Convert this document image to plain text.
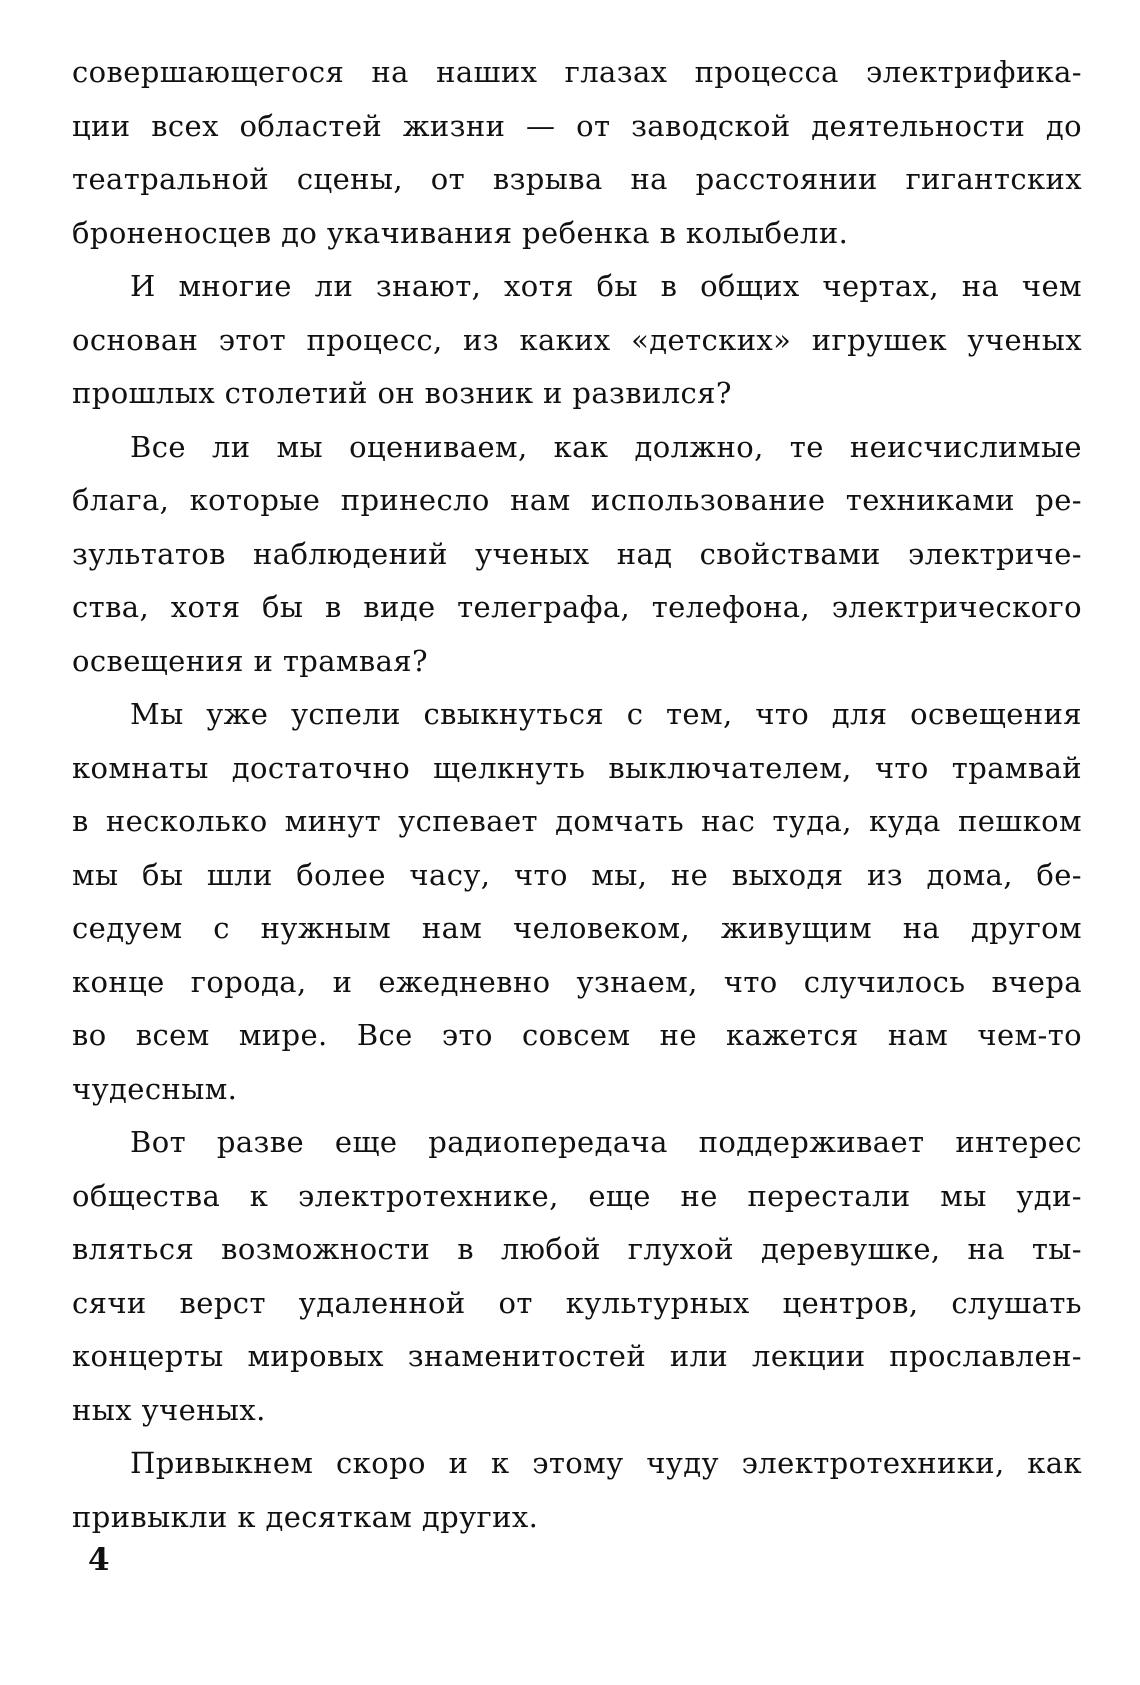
совершающегося на наших глазах процесса электрифика-
ции всех областей жизни — от заводской деятельности до
театральной сцены, от взрыва на расстоянии гигантских
броненосцев до укачивания ребенка в колыбели.
И многие ли знают, хотя бы в общих чертах, на чем
основан этот процесс, из каких «детских» игрушек ученых
прошлых столетий он возник и развился?
Все ли мы оцениваем, как должно, те неисчислимые
блага, которые принесло нам использование техниками ре-
зультатов наблюдений ученых над свойствами электриче-
ства, хотя бы в виде телеграфа, телефона, электрического
освещения и трамвая?
Мы уже успели свыкнуться с тем, что для освещения
комнаты достаточно щелкнуть выключателем, что трамвай
в несколько минут успевает домчать нас туда, куда пешком
мы бы шли более часу, что мы, не выходя из дома, бе-
седуем с нужным нам человеком, живущим на другом
конце города, и ежедневно узнаем, что случилось вчера
во всем мире. Все это совсем не кажется нам чем-то
чудесным.
Вот разве еще радиопередача поддерживает интерес
общества к электротехнике, еще не перестали мы уди-
вляться возможности в любой глухой деревушке, на ты-
сячи верст удаленной от культурных центров, слушать
концерты мировых знаменитостей или лекции прославлен-
ных ученых.
Привыкнем скоро и к этому чуду электротехники, как
привыкли к десяткам других.
4
